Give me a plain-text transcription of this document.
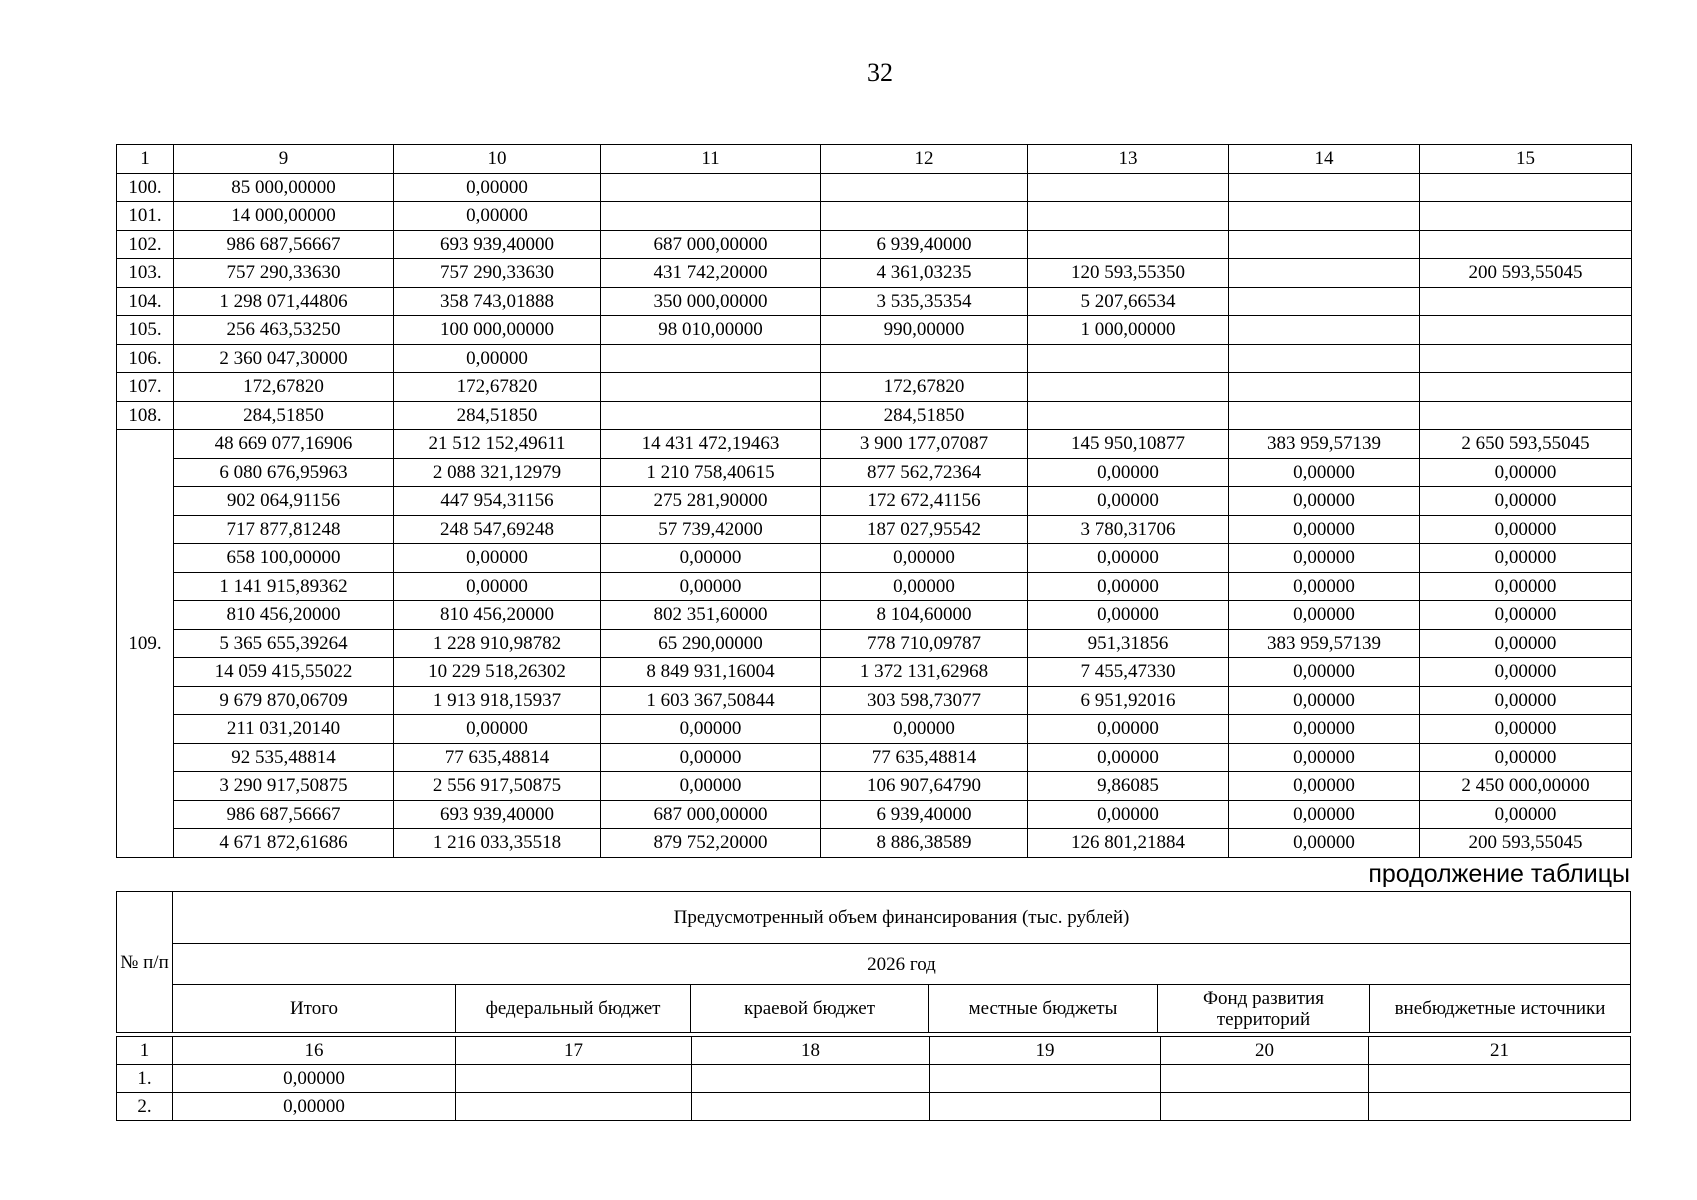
32
1	9	10	11	12	13	14	15
100.	85 000,00000	0,00000					
101.	14 000,00000	0,00000					
102.	986 687,56667	693 939,40000	687 000,00000	6 939,40000			
103.	757 290,33630	757 290,33630	431 742,20000	4 361,03235	120 593,55350		200 593,55045
104.	1 298 071,44806	358 743,01888	350 000,00000	3 535,35354	5 207,66534		
105.	256 463,53250	100 000,00000	98 010,00000	990,00000	1 000,00000		
106.	2 360 047,30000	0,00000					
107.	172,67820	172,67820		172,67820			
108.	284,51850	284,51850		284,51850			
109.	48 669 077,16906	21 512 152,49611	14 431 472,19463	3 900 177,07087	145 950,10877	383 959,57139	2 650 593,55045
	6 080 676,95963	2 088 321,12979	1 210 758,40615	877 562,72364	0,00000	0,00000	0,00000
	902 064,91156	447 954,31156	275 281,90000	172 672,41156	0,00000	0,00000	0,00000
	717 877,81248	248 547,69248	57 739,42000	187 027,95542	3 780,31706	0,00000	0,00000
	658 100,00000	0,00000	0,00000	0,00000	0,00000	0,00000	0,00000
	1 141 915,89362	0,00000	0,00000	0,00000	0,00000	0,00000	0,00000
	810 456,20000	810 456,20000	802 351,60000	8 104,60000	0,00000	0,00000	0,00000
	5 365 655,39264	1 228 910,98782	65 290,00000	778 710,09787	951,31856	383 959,57139	0,00000
	14 059 415,55022	10 229 518,26302	8 849 931,16004	1 372 131,62968	7 455,47330	0,00000	0,00000
	9 679 870,06709	1 913 918,15937	1 603 367,50844	303 598,73077	6 951,92016	0,00000	0,00000
	211 031,20140	0,00000	0,00000	0,00000	0,00000	0,00000	0,00000
	92 535,48814	77 635,48814	0,00000	77 635,48814	0,00000	0,00000	0,00000
	3 290 917,50875	2 556 917,50875	0,00000	106 907,64790	9,86085	0,00000	2 450 000,00000
	986 687,56667	693 939,40000	687 000,00000	6 939,40000	0,00000	0,00000	0,00000
	4 671 872,61686	1 216 033,35518	879 752,20000	8 886,38589	126 801,21884	0,00000	200 593,55045
продолжение таблицы
№ п/п	Предусмотренный объем финансирования (тыс. рублей)					
	2026 год					
	Итого	федеральный бюджет	краевой бюджет	местные бюджеты	Фонд развития территорий	внебюджетные источники
1	16	17	18	19	20	21
1.	0,00000					
2.	0,00000					
